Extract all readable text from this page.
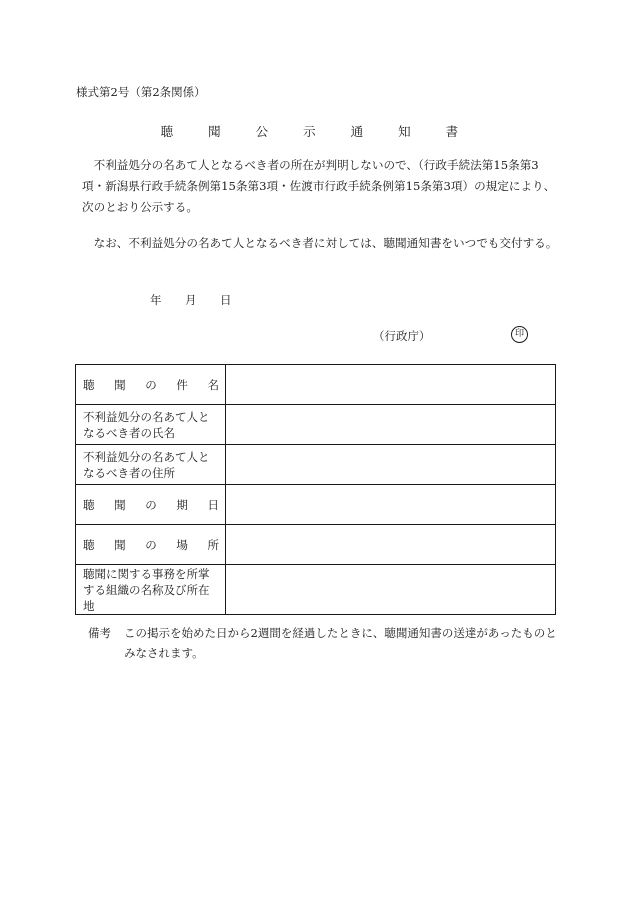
様式第2号（第2条関係）
聴　聞　公　示　通　知　書

不利益処分の名あて人となるべき者の所在が判明しないので、（行政手続法第15条第3項・新潟県行政手続条例第15条第3項・佐渡市行政手続条例第15条第3項）の規定により、次のとおり公示する。

なお、不利益処分の名あて人となるべき者に対しては、聴聞通知書をいつでも交付する。

年 月 日
（行政庁）	印
聴 聞 の 件 名	

不利益処分の名あて人となるべき者の氏名	
不利益処分の名あて人となるべき者の住所	

聴 聞 の 期 日	

聴 聞 の 場 所	

聴聞に関する事務を所掌する組織の名称及び所在地	
備考	この掲示を始めた日から2週間を経過したときに、聴聞通知書の送達があったものとみなされます。
